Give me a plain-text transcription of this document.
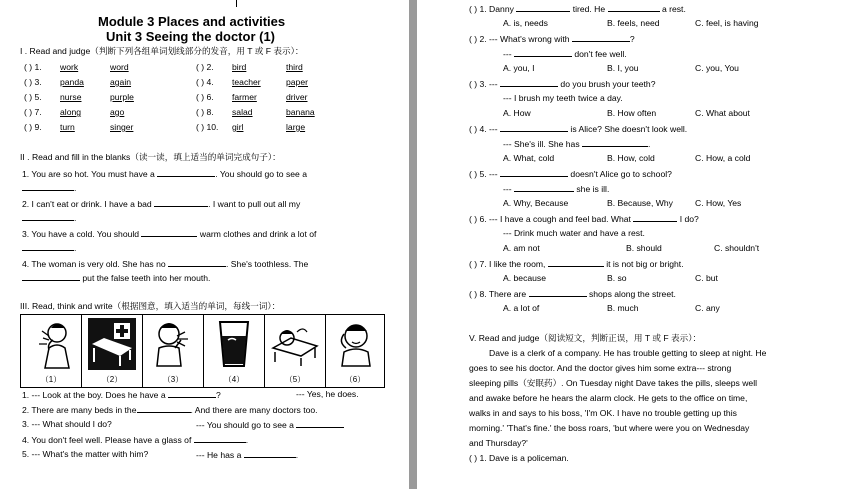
Module 3 Places and activities
Unit 3 Seeing the doctor (1)
I . Read and judge（判断下列各组单词划线部分的发音，用 T 或 F 表示）：
( ) 1. work	word	( ) 2. bird	third
( ) 3. panda	again	( ) 4. teacher	paper
( ) 5. nurse	purple	( ) 6. farmer	driver
( ) 7. along	ago	( ) 8. salad	banana
( ) 9. turn	singer	( ) 10. girl	large
II . Read and fill in the blanks（读一读，填上适当的单词完成句子）：
1. You are so hot. You must have a	. You should go to see a
.
2. I can't eat or drink. I have a bad	. I want to pull out all my
.
3. You have a cold. You should	warm clothes and drink a lot of
.
4. The woman is very old. She has no	. She's toothless. The
put the false teeth into her mouth.
III. Read, think and write（根据图意，填入适当的单词，每线一词）：
（1）	（2）	（3）	（4）	（5）	（6）
1. --- Look at the boy. Does he have a	?	--- Yes, he does.
2. There are many beds in the	. And there are many doctors too.
3. --- What should I do?	--- You should go to see a
4. You don't feel well. Please have a glass of	.
5. --- What's the matter with him?	--- He has a	.
( ) 1. Danny	tired. He	a rest.
A. is, needs	B. feels, need	C. feel, is having
( ) 2. --- What's wrong with	?
---	don't fee well.
A. you, I	B. I, you	C. you, You
( ) 3. ---	do you brush your teeth?
--- I brush my teeth twice a day.
A. How	B. How often	C. What about
( ) 4. ---	is Alice? She doesn't look well.
--- She's ill. She has	.
A. What, cold	B. How, cold	C. How, a cold
( ) 5. ---	doesn't Alice go to school?
---	she is ill.
A. Why, Because	B. Because, Why	C. How, Yes
( ) 6. --- I have a cough and feel bad. What	I do?
--- Drink much water and have a rest.
A. am not	B. should	C. shouldn't
( ) 7. I like the room,	it is not big or bright.
A. because	B. so	C. but
( ) 8. There are	shops along the street.
A. a lot of	B. much	C. any
V. Read and judge（阅读短文，判断正误，用 T 或 F 表示）：
Dave is a clerk of a company. He has trouble getting to sleep at night. He
goes to see his doctor. And the doctor gives him some extra--- strong
sleeping pills（安眠药）. On Tuesday night Dave takes the pills, sleeps well
and awake before he hears the alarm clock. He gets to the office on time,
walks in and says to his boss, 'I'm OK. I have no trouble getting up this
morning.' 'That's fine.' the boss roars, 'but where were you on Wednesday
and Thursday?'
( ) 1. Dave is a policeman.
